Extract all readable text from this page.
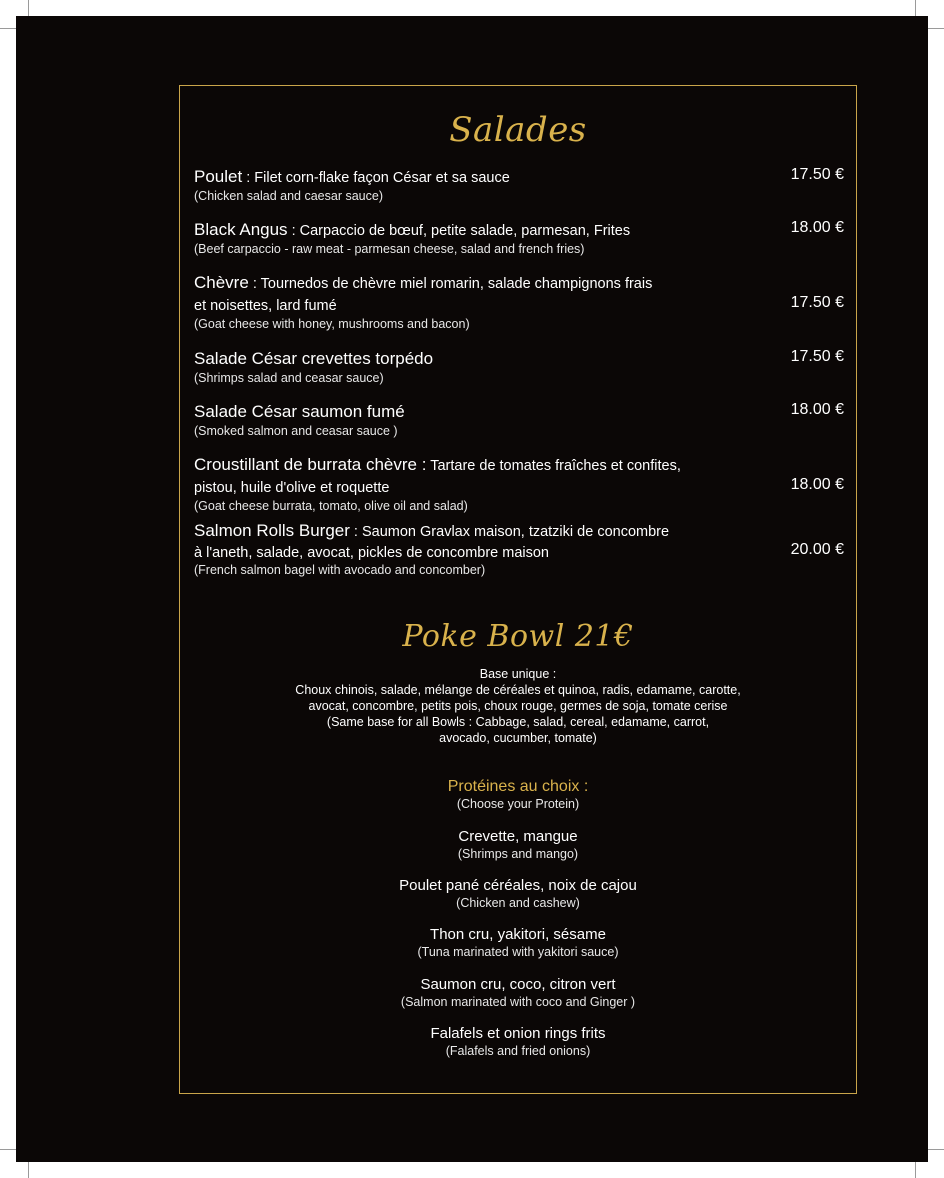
Salades
Poulet : Filet corn-flake façon César et sa sauce
(Chicken salad and caesar sauce)
17.50 €
Black Angus : Carpaccio de bœuf, petite salade, parmesan, Frites
(Beef carpaccio - raw meat - parmesan cheese, salad and french fries)
18.00 €
Chèvre : Tournedos de chèvre miel romarin, salade champignons frais
et noisettes, lard fumé
(Goat cheese with honey, mushrooms and bacon)
17.50 €
Salade César crevettes torpédo
(Shrimps salad and ceasar sauce)
17.50 €
Salade César saumon fumé
(Smoked salmon and ceasar sauce )
18.00 €
Croustillant de burrata chèvre : Tartare de tomates fraîches et confites,
pistou, huile d'olive et roquette
(Goat cheese burrata, tomato, olive oil and salad)
18.00 €
Salmon Rolls Burger : Saumon Gravlax maison, tzatziki de concombre
à l'aneth, salade, avocat, pickles de concombre maison
(French salmon bagel with avocado and concomber)
20.00 €
Poke Bowl 21€
Base unique :
Choux chinois, salade, mélange de céréales et quinoa, radis, edamame, carotte,
avocat, concombre, petits pois, choux rouge, germes de soja, tomate cerise
(Same base for all Bowls : Cabbage, salad, cereal, edamame, carrot,
avocado, cucumber, tomate)
Protéines au choix :
(Choose your Protein)
Crevette, mangue
(Shrimps and mango)
Poulet pané céréales, noix de cajou
(Chicken and cashew)
Thon cru, yakitori, sésame
(Tuna marinated with yakitori sauce)
Saumon cru, coco, citron vert
(Salmon marinated with coco and Ginger )
Falafels et onion rings frits
(Falafels and fried onions)
